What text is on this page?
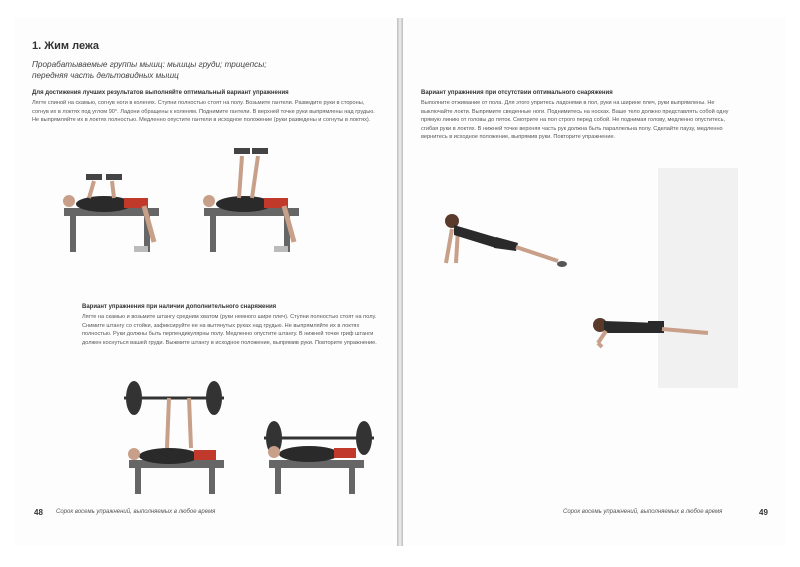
1. Жим лежа
Прорабатываемые группы мышц: мышцы груди; трицепсы;
передняя часть дельтовидных мышц
Для достижения лучших результатов выполняйте оптимальный вариант упражнения
Лягте спиной на скамью, согнув ноги в коленях. Ступни полностью стоят на полу. Возьмите гантели. Разведите руки в стороны, согнув их в локтях под углом 90°. Ладони обращены к коленям. Поднимите гантели. В верхней точке руки выпрямлены над грудью. Не выпрямляйте их в локтях полностью. Медленно опустите гантели в исходное положение (руки разведены и согнуты в локтях).
Вариант упражнения при наличии дополнительного снаряжения
Лягте на скамью и возьмите штангу средним хватом (руки немного шире плеч). Ступни полностью стоят на полу. Снимите штангу со стойки, зафиксируйте ее на вытянутых руках над грудью. Не выпрямляйте их в локтях полностью. Руки должны быть перпендикулярны полу. Медленно опустите штангу. В нижней точке гриф штанги должен коснуться вашей груди. Выжмите штангу в исходное положение, выпрямив руки. Повторите упражнение.
48 Сорок восемь упражнений, выполняемых в любое время
Вариант упражнения при отсутствии оптимального снаряжения
Выполните отжимание от пола. Для этого упритесь ладонями в пол, руки на ширине плеч, руки выпрямлены. Не выключайте локти. Выпрямите сведенные ноги. Поднимитесь на носках. Ваше тело должно представлять собой одну прямую линию от головы до пяток. Смотрите на пол строго перед собой. Не поднимая голову, медленно опуститесь, сгибая руки в локтях. В нижней точке верхняя часть рук должна быть параллельна полу. Сделайте паузу, медленно вернитесь в исходное положение, выпрямив руки. Повторите упражнение.
Сорок восемь упражнений, выполняемых в любое время	49
